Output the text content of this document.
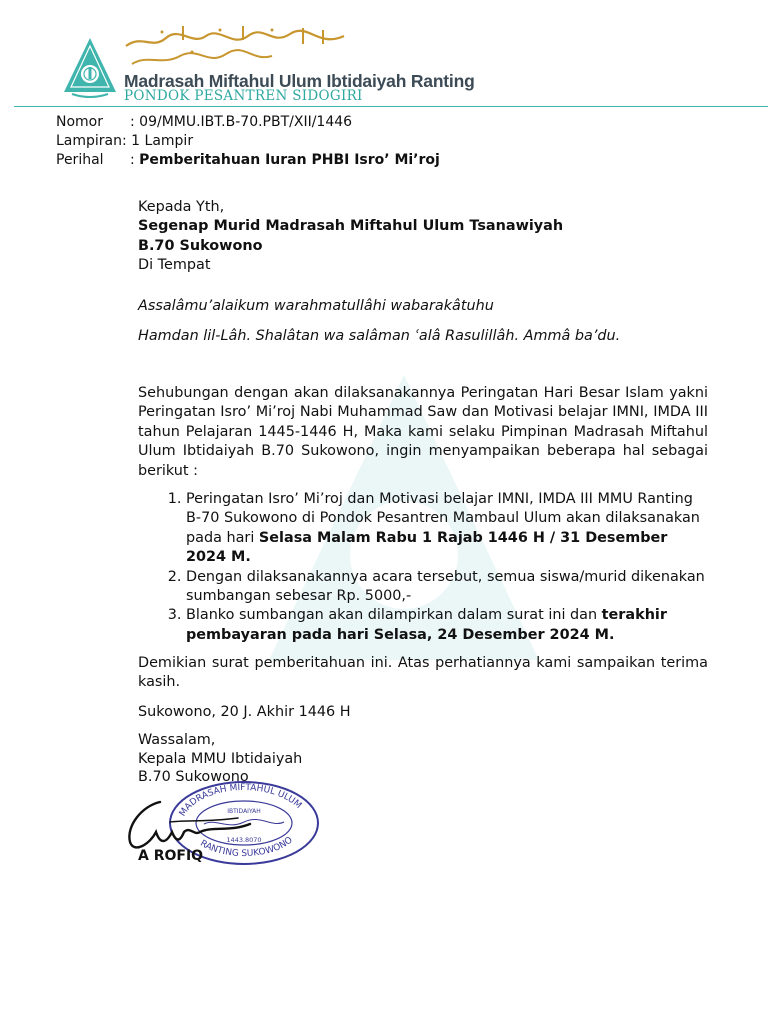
Madrasah Miftahul Ulum Ibtidaiyah Ranting
PONDOK PESANTREN SIDOGIRI
Nomor	: 09/MMU.IBT.B-70.PBT/XII/1446
Lampiran: 1 Lampir
Perihal	: Pemberitahuan Iuran PHBI Isro’ Mi’roj
Kepada Yth,
Segenap Murid Madrasah Miftahul Ulum Tsanawiyah
B.70 Sukowono
Di Tempat
Assalâmu’alaikum warahmatullâhi wabarakâtuhu
Hamdan lil-Lâh. Shalâtan wa salâman ʿalâ Rasulillâh. Ammâ ba’du.
Sehubungan dengan akan dilaksanakannya Peringatan Hari Besar Islam yakni Peringatan Isro’ Mi’roj Nabi Muhammad Saw dan Motivasi belajar IMNI, IMDA III tahun Pelajaran 1445-1446 H, Maka kami selaku Pimpinan Madrasah Miftahul Ulum Ibtidaiyah B.70 Sukowono, ingin menyampaikan beberapa hal sebagai berikut :
1. Peringatan Isro’ Mi’roj dan Motivasi belajar IMNI, IMDA III MMU Ranting B-70 Sukowono di Pondok Pesantren Mambaul Ulum akan dilaksanakan pada hari Selasa Malam Rabu 1 Rajab 1446 H / 31 Desember 2024 M.
2. Dengan dilaksanakannya acara tersebut, semua siswa/murid dikenakan sumbangan sebesar Rp. 5000,-
3. Blanko sumbangan akan dilampirkan dalam surat ini dan terakhir pembayaran pada hari Selasa, 24 Desember 2024 M.
Demikian surat pemberitahuan ini. Atas perhatiannya kami sampaikan terima kasih.
Sukowono, 20 J. Akhir 1446 H
Wassalam,
Kepala MMU Ibtidaiyah
B.70 Sukowono
MADRASAH MIFTAHUL ULUM
RANTING SUKOWONO
IBTIDAIYAH
1443.8070
A ROFIQ
